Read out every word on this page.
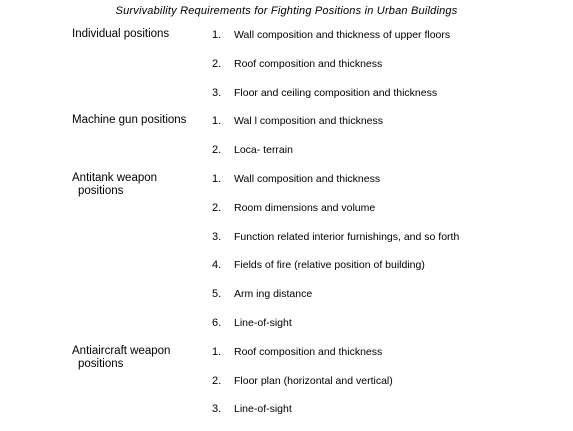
Survivability Requirements for Fighting Positions in Urban Buildings
Individual positions	1.	Wall composition and thickness of upper floors
2.	Roof composition and thickness
3.	Floor and ceiling composition and thickness
Machine gun positions	1.	Wal l composition and thickness
2.	Loca- terrain
Antitank weapon
positions
1.	Wall composition and thickness
2.	Room dimensions and volume
3.	Function related interior furnishings, and so forth
4.	Fields of fire (relative position of building)
5.	Arm ing distance
6.	Line-of-sight
Antiaircraft weapon
positions
1.	Roof composition and thickness
2.	Floor plan (horizontal and vertical)
3.	Line-of-sight
